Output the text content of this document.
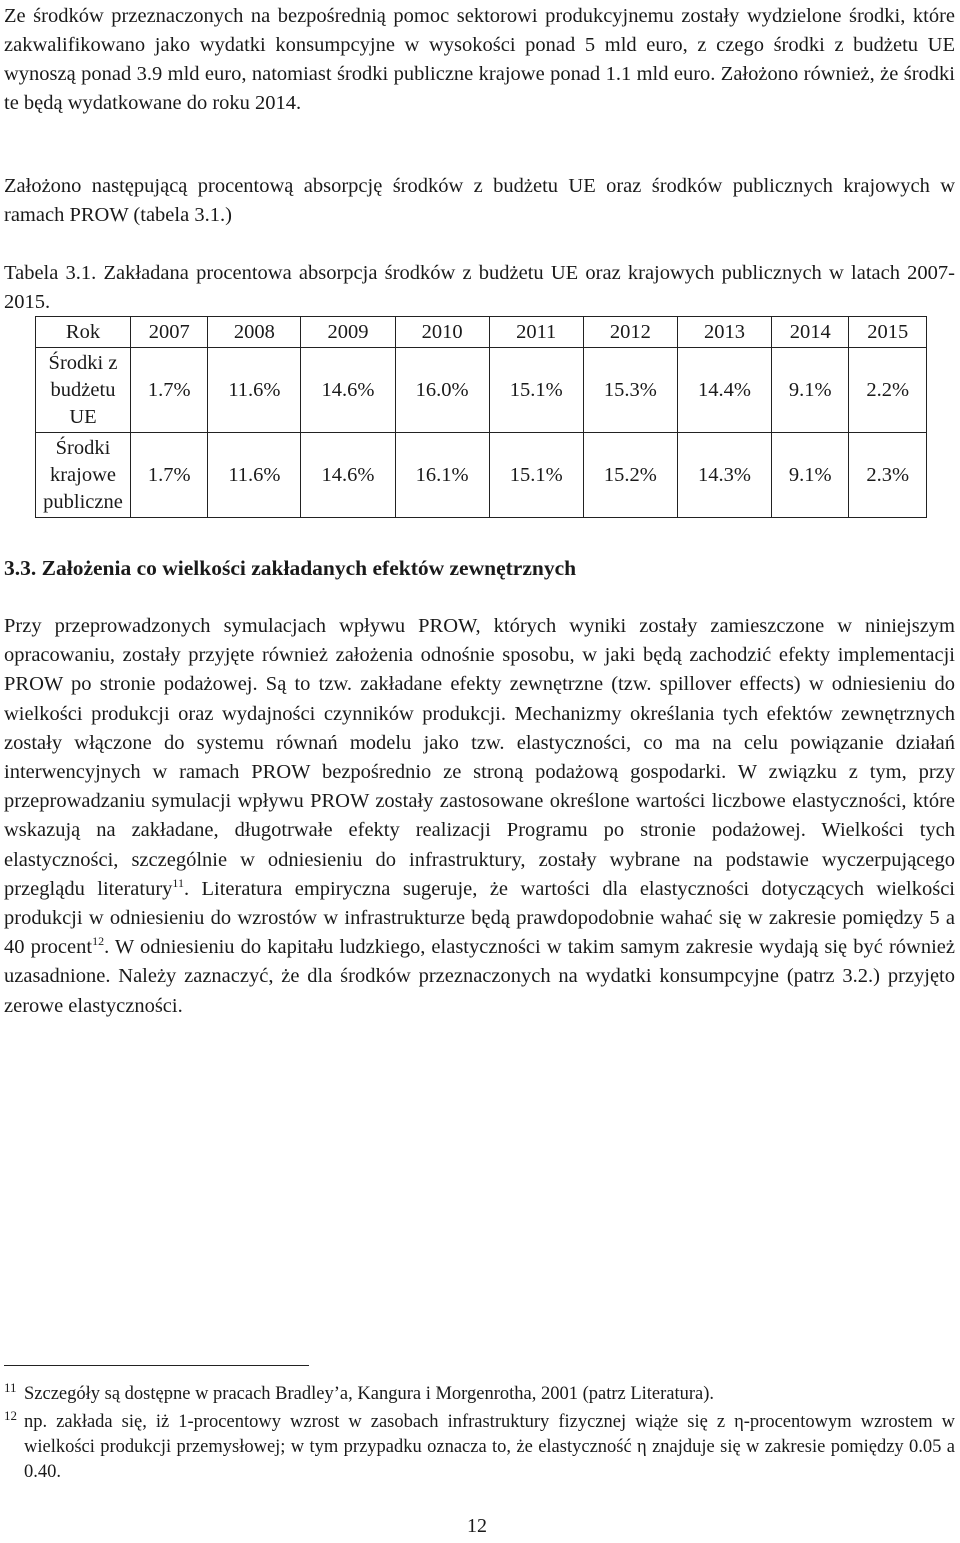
Ze środków przeznaczonych na bezpośrednią pomoc sektorowi produkcyjnemu zostały wydzielone środki, które zakwalifikowano jako wydatki konsumpcyjne w wysokości ponad 5 mld euro, z czego środki z budżetu UE wynoszą ponad 3.9 mld euro, natomiast środki publiczne krajowe ponad 1.1 mld euro. Założono również, że środki te będą wydatkowane do roku 2014.

Założono następującą procentową absorpcję środków z budżetu UE oraz środków publicznych krajowych w ramach PROW (tabela 3.1.)

Tabela 3.1. Zakładana procentowa absorpcja środków z budżetu UE oraz krajowych publicznych w latach 2007-2015.

Rok	2007	2008	2009	2010	2011	2012	2013	2014	2015
Środki z budżetu UE	1.7%	11.6%	14.6%	16.0%	15.1%	15.3%	14.4%	9.1%	2.2%
Środki krajowe publiczne	1.7%	11.6%	14.6%	16.1%	15.1%	15.2%	14.3%	9.1%	2.3%
3.3. Założenia co wielkości zakładanych efektów zewnętrznych

Przy przeprowadzonych symulacjach wpływu PROW, których wyniki zostały zamieszczone w niniejszym opracowaniu, zostały przyjęte również założenia odnośnie sposobu, w jaki będą zachodzić efekty implementacji PROW po stronie podażowej. Są to tzw. zakładane efekty zewnętrzne (tzw. spillover effects) w odniesieniu do wielkości produkcji oraz wydajności czynników produkcji. Mechanizmy określania tych efektów zewnętrznych zostały włączone do systemu równań modelu jako tzw. elastyczności, co ma na celu powiązanie działań interwencyjnych w ramach PROW bezpośrednio ze stroną podażową gospodarki. W związku z tym, przy przeprowadzaniu symulacji wpływu PROW zostały zastosowane określone wartości liczbowe elastyczności, które wskazują na zakładane, długotrwałe efekty realizacji Programu po stronie podażowej. Wielkości tych elastyczności, szczególnie w odniesieniu do infrastruktury, zostały wybrane na podstawie wyczerpującego przeglądu literatury$^{11}$. Literatura empiryczna sugeruje, że wartości dla elastyczności dotyczących wielkości produkcji w odniesieniu do wzrostów w infrastrukturze będą prawdopodobnie wahać się w zakresie pomiędzy 5 a 40 procent$^{12}$. W odniesieniu do kapitału ludzkiego, elastyczności w takim samym zakresie wydają się być również uzasadnione. Należy zaznaczyć, że dla środków przeznaczonych na wydatki konsumpcyjne (patrz 3.2.) przyjęto zerowe elastyczności.

11 Szczegóły są dostępne w pracach Bradley’a, Kangura i Morgenrotha, 2001 (patrz Literatura).
12 np. zakłada się, iż 1-procentowy wzrost w zasobach infrastruktury fizycznej wiąże się z η-procentowym wzrostem w wielkości produkcji przemysłowej; w tym przypadku oznacza to, że elastyczność η znajduje się w zakresie pomiędzy 0.05 a 0.40.
12
